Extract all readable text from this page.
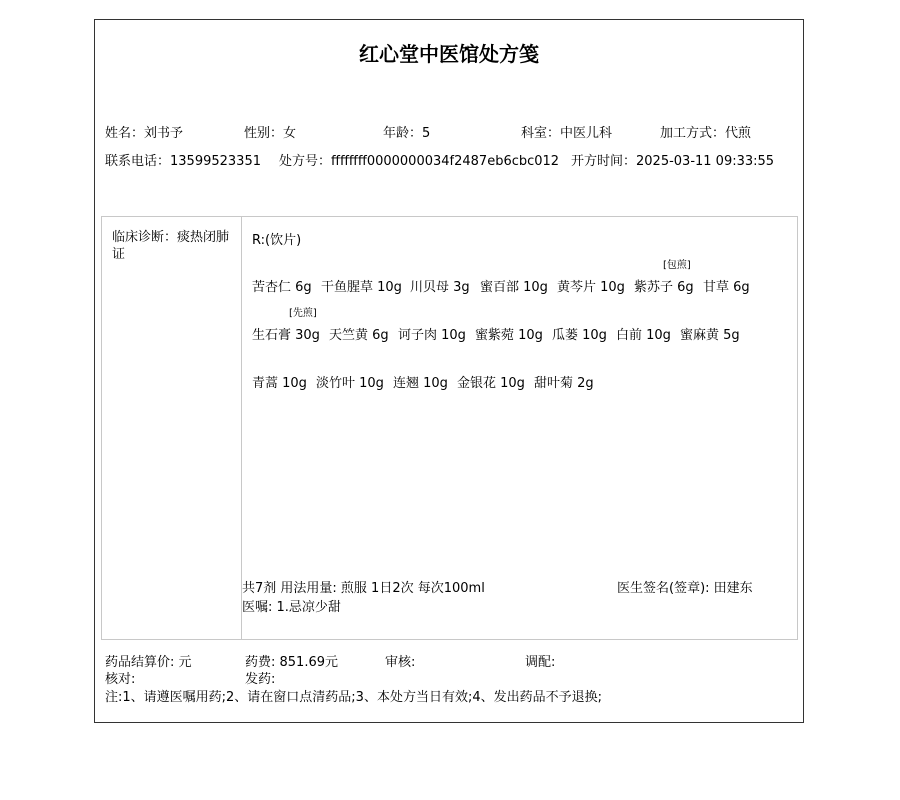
红心堂中医馆处方笺
姓名：刘书予	性别：女	年龄：5	科室：中医儿科	加工方式：代煎
联系电话：13599523351 处方号：ffffffff0000000034f2487eb6cbc012 开方时间：2025-03-11 09:33:55
临床诊断：痰热闭肺证
R:(饮片)
苦杏仁 6g 干鱼腥草 10g 川贝母 3g 蜜百部 10g 黄芩片 10g 紫苏子 6g
[包煎]
甘草 6g
[先煎]
生石膏 30g 天竺黄 6g 诃子肉 10g 蜜紫菀 10g 瓜蒌 10g 白前 10g 蜜麻黄 5g
青蒿 10g 淡竹叶 10g 连翘 10g 金银花 10g 甜叶菊 2g
共7剂 用法用量: 煎服 1日2次 每次100ml
医嘱: 1.忌凉少甜
医生签名(签章): 田建东
药品结算价: 元	药费: 851.69元	审核:	调配:
核对:	发药:
注:1、请遵医嘱用药;2、请在窗口点清药品;3、本处方当日有效;4、发出药品不予退换;
